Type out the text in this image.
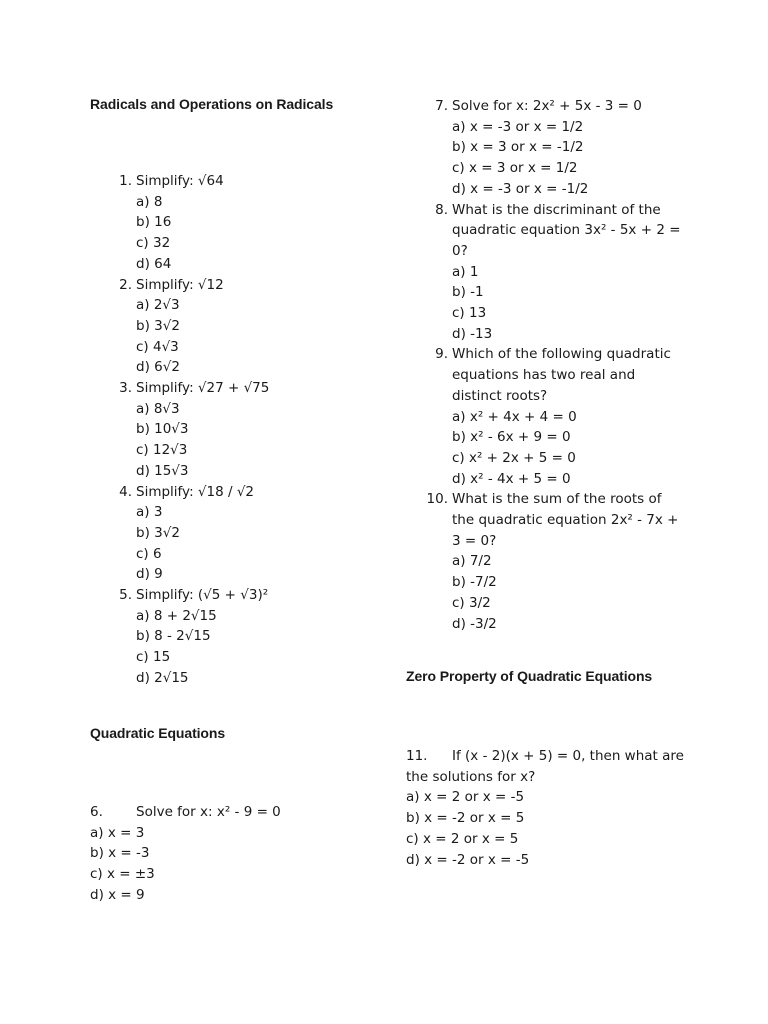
Radicals and Operations on Radicals
1. Simplify: √64
a) 8
b) 16
c) 32
d) 64
2. Simplify: √12
a) 2√3
b) 3√2
c) 4√3
d) 6√2
3. Simplify: √27 + √75
a) 8√3
b) 10√3
c) 12√3
d) 15√3
4. Simplify: √18 / √2
a) 3
b) 3√2
c) 6
d) 9
5. Simplify: (√5 + √3)²
a) 8 + 2√15
b) 8 - 2√15
c) 15
d) 2√15
Quadratic Equations
6. Solve for x: x² - 9 = 0
a) x = 3
b) x = -3
c) x = ±3
d) x = 9
7. Solve for x: 2x² + 5x - 3 = 0
a) x = -3 or x = 1/2
b) x = 3 or x = -1/2
c) x = 3 or x = 1/2
d) x = -3 or x = -1/2
8. What is the discriminant of the
quadratic equation 3x² - 5x + 2 =
0?
a) 1
b) -1
c) 13
d) -13
9. Which of the following quadratic
equations has two real and
distinct roots?
a) x² + 4x + 4 = 0
b) x² - 6x + 9 = 0
c) x² + 2x + 5 = 0
d) x² - 4x + 5 = 0
10. What is the sum of the roots of
the quadratic equation 2x² - 7x +
3 = 0?
a) 7/2
b) -7/2
c) 3/2
d) -3/2
Zero Property of Quadratic Equations
11. If (x - 2)(x + 5) = 0, then what are
the solutions for x?
a) x = 2 or x = -5
b) x = -2 or x = 5
c) x = 2 or x = 5
d) x = -2 or x = -5
